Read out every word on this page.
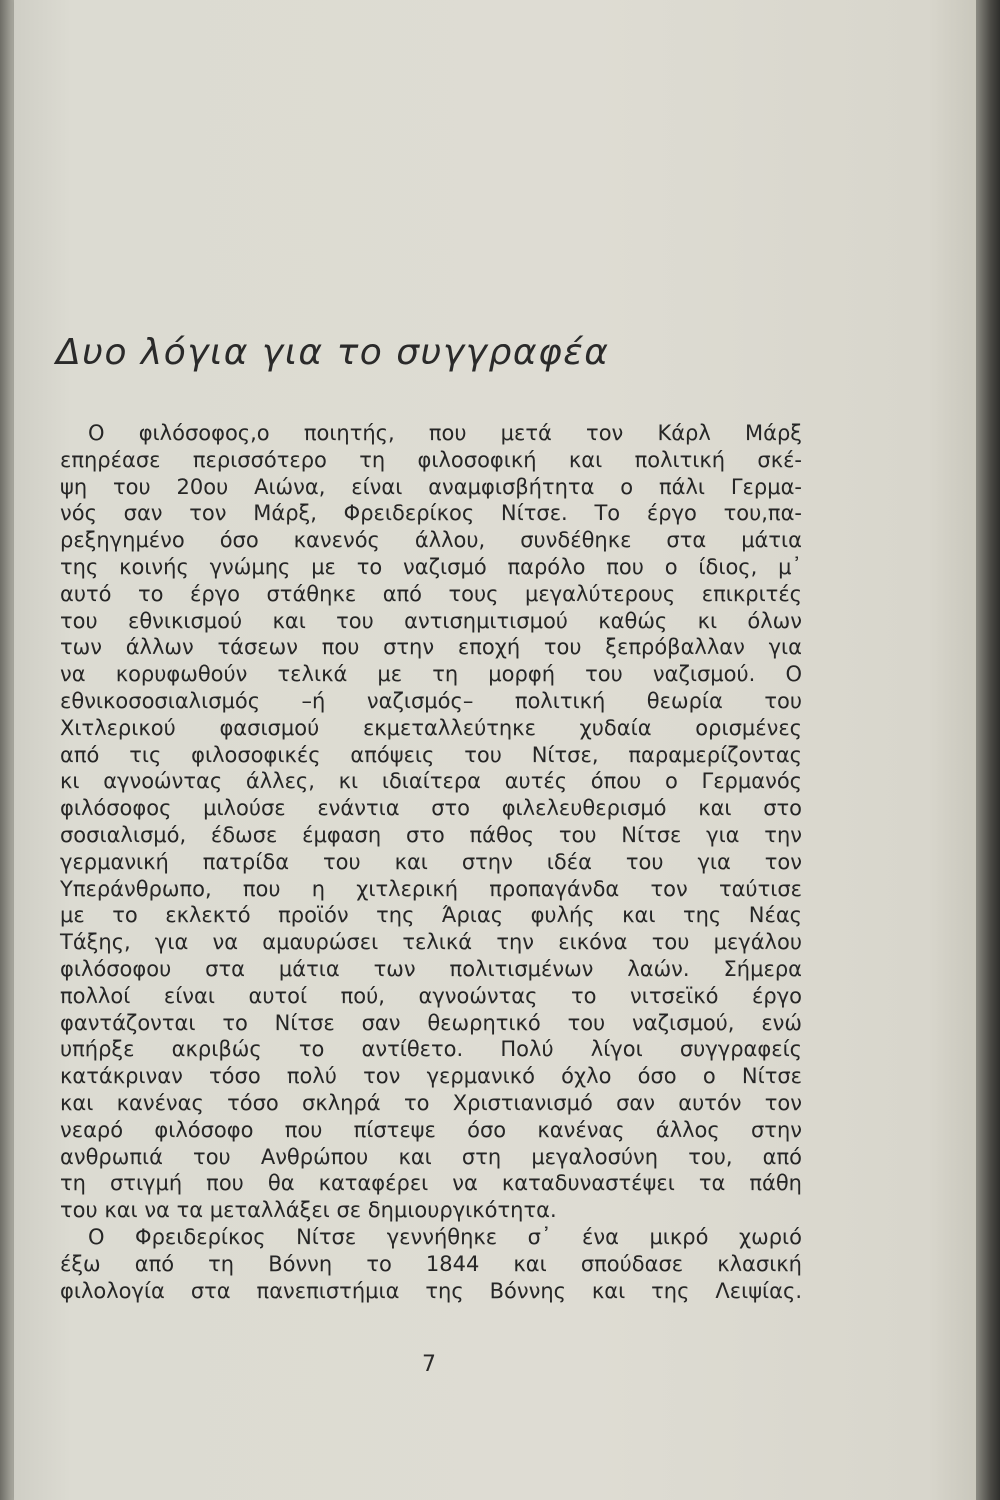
Δυο λόγια για το συγγραφέα
Ο φιλόσοφος,ο ποιητής, που μετά τον Κάρλ Μάρξ
επηρέασε περισσότερο τη φιλοσοφική και πολιτική σκέ-
ψη του 20ου Αιώνα, είναι αναμφισβήτητα ο πάλι Γερμα-
νός σαν τον Μάρξ, Φρειδερίκος Νίτσε. Το έργο του,πα-
ρεξηγημένο όσο κανενός άλλου, συνδέθηκε στα μάτια
της κοινής γνώμης με το ναζισμό παρόλο που ο ίδιος, μ᾽
αυτό το έργο στάθηκε από τους μεγαλύτερους επικριτές
του εθνικισμού και του αντισημιτισμού καθώς κι όλων
των άλλων τάσεων που στην εποχή του ξεπρόβαλλαν για
να κορυφωθούν τελικά με τη μορφή του ναζισμού. Ο
εθνικοσοσιαλισμός –ή ναζισμός– πολιτική θεωρία του
Χιτλερικού φασισμού εκμεταλλεύτηκε χυδαία ορισμένες
από τις φιλοσοφικές απόψεις του Νίτσε, παραμερίζοντας
κι αγνοώντας άλλες, κι ιδιαίτερα αυτές όπου ο Γερμανός
φιλόσοφος μιλούσε ενάντια στο φιλελευθερισμό και στο
σοσιαλισμό, έδωσε έμφαση στο πάθος του Νίτσε για την
γερμανική πατρίδα του και στην ιδέα του για τον
Υπεράνθρωπο, που η χιτλερική προπαγάνδα τον ταύτισε
με το εκλεκτό προϊόν της Άριας φυλής και της Νέας
Τάξης, για να αμαυρώσει τελικά την εικόνα του μεγάλου
φιλόσοφου στα μάτια των πολιτισμένων λαών. Σήμερα
πολλοί είναι αυτοί πού, αγνοώντας το νιτσεϊκό έργο
φαντάζονται το Νίτσε σαν θεωρητικό του ναζισμού, ενώ
υπήρξε ακριβώς το αντίθετο. Πολύ λίγοι συγγραφείς
κατάκριναν τόσο πολύ τον γερμανικό όχλο όσο ο Νίτσε
και κανένας τόσο σκληρά το Χριστιανισμό σαν αυτόν τον
νεαρό φιλόσοφο που πίστεψε όσο κανένας άλλος στην
ανθρωπιά του Ανθρώπου και στη μεγαλοσύνη του, από
τη στιγμή που θα καταφέρει να καταδυναστέψει τα πάθη
του και να τα μεταλλάξει σε δημιουργικότητα.
Ο Φρειδερίκος Νίτσε γεννήθηκε σ᾽ ένα μικρό χωριό
έξω από τη Βόννη το 1844 και σπούδασε κλασική
φιλολογία στα πανεπιστήμια της Βόννης και της Λειψίας.
7
